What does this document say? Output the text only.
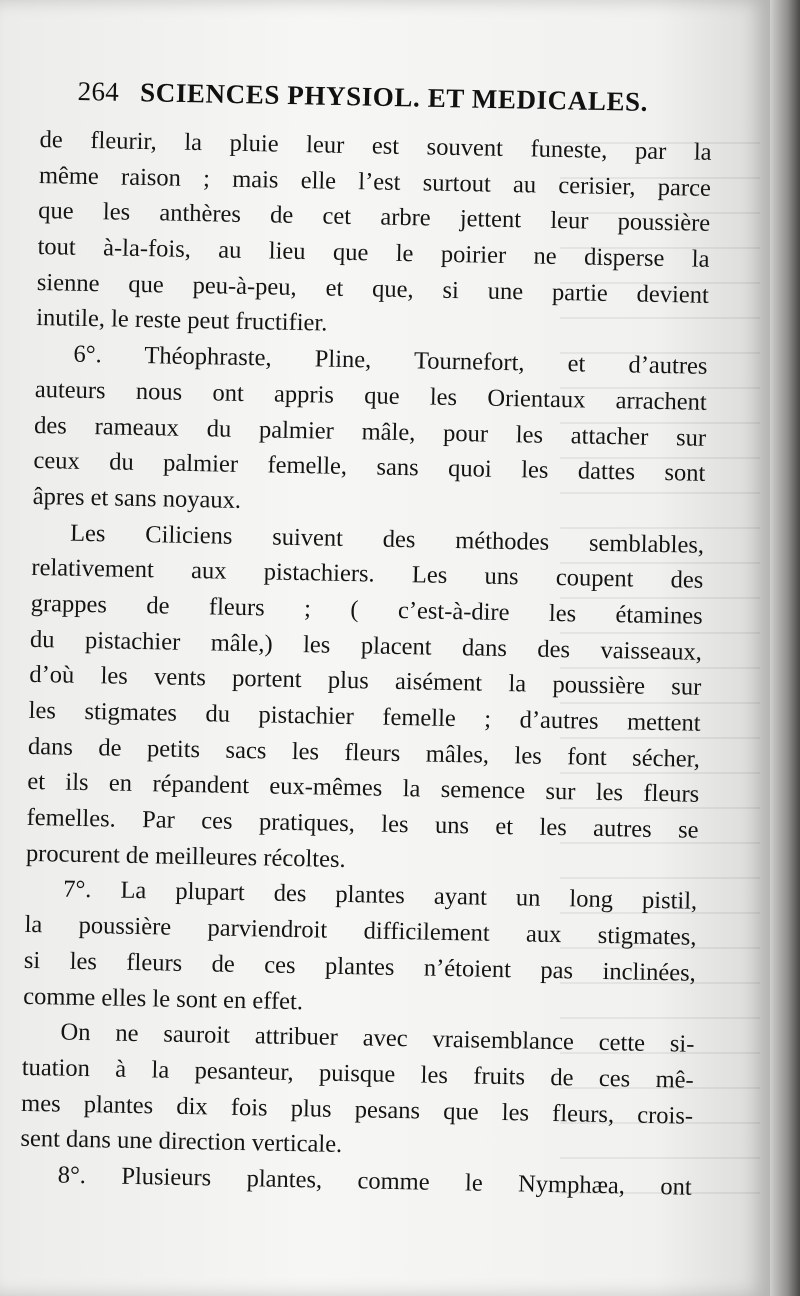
264 SCIENCES PHYSIOL. ET MEDICALES.
de fleurir, la pluie leur est souvent funeste, par la
même raison ; mais elle l’est surtout au cerisier, parce
que les anthères de cet arbre jettent leur poussière
tout à-la-fois, au lieu que le poirier ne disperse la
sienne que peu-à-peu, et que, si une partie devient
inutile, le reste peut fructifier.
6°. Théophraste, Pline, Tournefort, et d’autres
auteurs nous ont appris que les Orientaux arrachent
des rameaux du palmier mâle, pour les attacher sur
ceux du palmier femelle, sans quoi les dattes sont
âpres et sans noyaux.
Les Ciliciens suivent des méthodes semblables,
relativement aux pistachiers. Les uns coupent des
grappes de fleurs ; ( c’est-à-dire les étamines
du pistachier mâle,) les placent dans des vaisseaux,
d’où les vents portent plus aisément la poussière sur
les stigmates du pistachier femelle ; d’autres mettent
dans de petits sacs les fleurs mâles, les font sécher,
et ils en répandent eux-mêmes la semence sur les fleurs
femelles. Par ces pratiques, les uns et les autres se
procurent de meilleures récoltes.
7°. La plupart des plantes ayant un long pistil,
la poussière parviendroit difficilement aux stigmates,
si les fleurs de ces plantes n’étoient pas inclinées,
comme elles le sont en effet.
On ne sauroit attribuer avec vraisemblance cette si-
tuation à la pesanteur, puisque les fruits de ces mê-
mes plantes dix fois plus pesans que les fleurs, crois-
sent dans une direction verticale.
8°. Plusieurs plantes, comme le Nymphæa, ont
